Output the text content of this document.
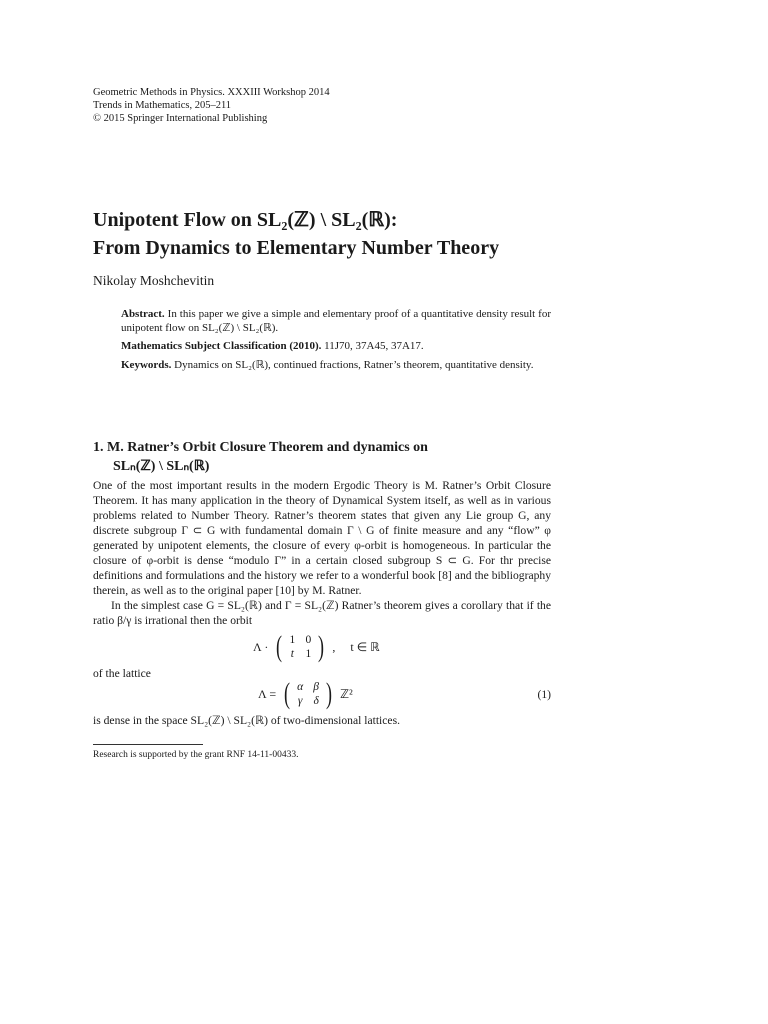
Geometric Methods in Physics. XXXIII Workshop 2014
Trends in Mathematics, 205–211
© 2015 Springer International Publishing
Unipotent Flow on SL₂(ℤ) \ SL₂(ℝ):
From Dynamics to Elementary Number Theory
Nikolay Moshchevitin

Abstract. In this paper we give a simple and elementary proof of a quantitative density result for unipotent flow on SL₂(ℤ) \ SL₂(ℝ).

Mathematics Subject Classification (2010). 11J70, 37A45, 37A17.

Keywords. Dynamics on SL₂(ℝ), continued fractions, Ratner’s theorem, quantitative density.

1. M. Ratner’s Orbit Closure Theorem and dynamics on
SLₙ(ℤ) \ SLₙ(ℝ)

One of the most important results in the modern Ergodic Theory is M. Ratner’s Orbit Closure Theorem. It has many application in the theory of Dynamical System itself, as well as in various problems related to Number Theory. Ratner’s theorem states that given any Lie group G, any discrete subgroup Γ ⊂ G with fundamental domain Γ \ G of finite measure and any “flow” φ generated by unipotent elements, the closure of every φ-orbit is homogeneous. In particular the closure of φ-orbit is dense “modulo Γ” in a certain closed subgroup S ⊂ G. For thr precise definitions and formulations and the history we refer to a wonderful book [8] and the bibliography therein, as well as to the original paper [10] by M. Ratner.

In the simplest case G = SL₂(ℝ) and Γ = SL₂(ℤ) Ratner’s theorem gives a corollary that if the ratio β/γ is irrational then the orbit

Λ · ( 1 0
t	1 ) ,     t ∈ ℝ

of the lattice

Λ = ( α β
γ δ ) ℤ²	(1)

is dense in the space SL₂(ℤ) \ SL₂(ℝ) of two-dimensional lattices.

Research is supported by the grant RNF 14-11-00433.
